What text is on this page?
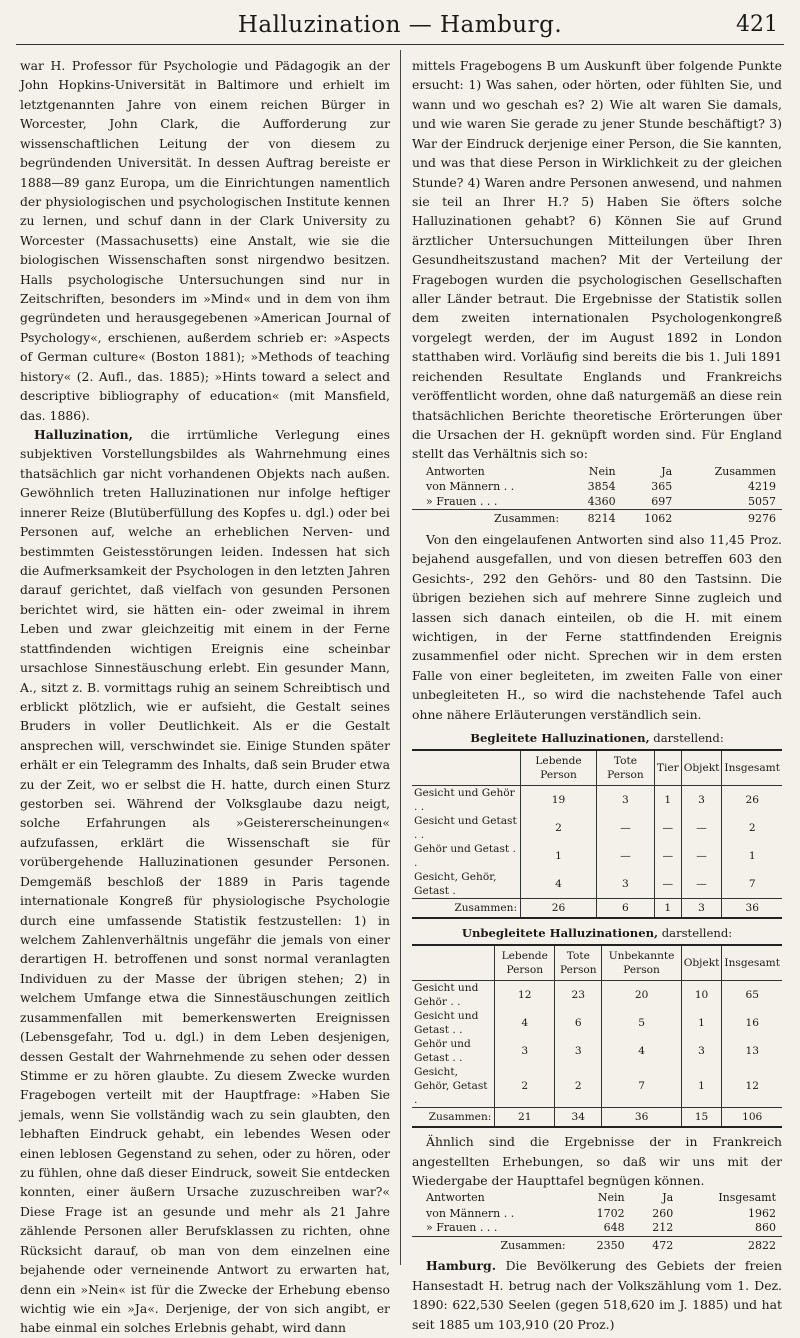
Halluzination — Hamburg.	421

war H. Professor für Psychologie und Pädagogik an der John Hopkins-Universität in Baltimore und erhielt im letztgenannten Jahre von einem reichen Bürger in Worcester, John Clark, die Aufforderung zur wissenschaftlichen Leitung der von diesem zu begründenden Universität. In dessen Auftrag bereiste er 1888—89 ganz Europa, um die Einrichtungen namentlich der physiologischen und psychologischen Institute kennen zu lernen, und schuf dann in der Clark University zu Worcester (Massachusetts) eine Anstalt, wie sie die biologischen Wissenschaften sonst nirgendwo besitzen. Halls psychologische Untersuchungen sind nur in Zeitschriften, besonders im »Mind« und in dem von ihm gegründeten und herausgegebenen »American Journal of Psychology«, erschienen, außerdem schrieb er: »Aspects of German culture« (Boston 1881); »Methods of teaching history« (2. Aufl., das. 1885); »Hints toward a select and descriptive bibliography of education« (mit Mansfield, das. 1886).

Halluzination, die irrtümliche Verlegung eines subjektiven Vorstellungsbildes als Wahrnehmung eines thatsächlich gar nicht vorhandenen Objekts nach außen. Gewöhnlich treten Halluzinationen nur infolge heftiger innerer Reize (Blutüberfüllung des Kopfes u. dgl.) oder bei Personen auf, welche an erheblichen Nerven- und bestimmten Geistesstörungen leiden. Indessen hat sich die Aufmerksamkeit der Psychologen in den letzten Jahren darauf gerichtet, daß vielfach von gesunden Personen berichtet wird, sie hätten ein- oder zweimal in ihrem Leben und zwar gleichzeitig mit einem in der Ferne stattfindenden wichtigen Ereignis eine scheinbar ursachlose Sinnestäuschung erlebt. Ein gesunder Mann, A., sitzt z. B. vormittags ruhig an seinem Schreibtisch und erblickt plötzlich, wie er aufsieht, die Gestalt seines Bruders in voller Deutlichkeit. Als er die Gestalt ansprechen will, verschwindet sie. Einige Stunden später erhält er ein Telegramm des Inhalts, daß sein Bruder etwa zu der Zeit, wo er selbst die H. hatte, durch einen Sturz gestorben sei. Während der Volksglaube dazu neigt, solche Erfahrungen als »Geistererscheinungen« aufzufassen, erklärt die Wissenschaft sie für vorübergehende Halluzinationen gesunder Personen. Demgemäß beschloß der 1889 in Paris tagende internationale Kongreß für physiologische Psychologie durch eine umfassende Statistik festzustellen: 1) in welchem Zahlenverhältnis ungefähr die jemals von einer derartigen H. betroffenen und sonst normal veranlagten Individuen zu der Masse der übrigen stehen; 2) in welchem Umfange etwa die Sinnestäuschungen zeitlich zusammenfallen mit bemerkenswerten Ereignissen (Lebensgefahr, Tod u. dgl.) in dem Leben desjenigen, dessen Gestalt der Wahrnehmende zu sehen oder dessen Stimme er zu hören glaubte. Zu diesem Zwecke wurden Fragebogen verteilt mit der Hauptfrage: »Haben Sie jemals, wenn Sie vollständig wach zu sein glaubten, den lebhaften Eindruck gehabt, ein lebendes Wesen oder einen leblosen Gegenstand zu sehen, oder zu hören, oder zu fühlen, ohne daß dieser Eindruck, soweit Sie entdecken konnten, einer äußern Ursache zuzuschreiben war?« Diese Frage ist an gesunde und mehr als 21 Jahre zählende Personen aller Berufsklassen zu richten, ohne Rücksicht darauf, ob man von dem einzelnen eine bejahende oder verneinende Antwort zu erwarten hat, denn ein »Nein« ist für die Zwecke der Erhebung ebenso wichtig wie ein »Ja«. Derjenige, der von sich angibt, er habe einmal ein solches Erlebnis gehabt, wird dann

mittels Fragebogens B um Auskunft über folgende Punkte ersucht: 1) Was sahen, oder hörten, oder fühlten Sie, und wann und wo geschah es? 2) Wie alt waren Sie damals, und wie waren Sie gerade zu jener Stunde beschäftigt? 3) War der Eindruck derjenige einer Person, die Sie kannten, und was that diese Person in Wirklichkeit zu der gleichen Stunde? 4) Waren andre Personen anwesend, und nahmen sie teil an Ihrer H.? 5) Haben Sie öfters solche Halluzinationen gehabt? 6) Können Sie auf Grund ärztlicher Untersuchungen Mitteilungen über Ihren Gesundheitszustand machen? Mit der Verteilung der Fragebogen wurden die psychologischen Gesellschaften aller Länder betraut. Die Ergebnisse der Statistik sollen dem zweiten internationalen Psychologenkongreß vorgelegt werden, der im August 1892 in London statthaben wird. Vorläufig sind bereits die bis 1. Juli 1891 reichenden Resultate Englands und Frankreichs veröffentlicht worden, ohne daß naturgemäß an diese rein thatsächlichen Berichte theoretische Erörterungen über die Ursachen der H. geknüpft worden sind. Für England stellt das Verhältnis sich so:

Antworten	Nein	Ja	Zusammen
von Männern . .	3854	365	4219
» Frauen . . .	4360	697	5057
Zusammen:	8214	1062	9276

Von den eingelaufenen Antworten sind also 11,45 Proz. bejahend ausgefallen, und von diesen betreffen 603 den Gesichts-, 292 den Gehörs- und 80 den Tastsinn. Die übrigen beziehen sich auf mehrere Sinne zugleich und lassen sich danach einteilen, ob die H. mit einem wichtigen, in der Ferne stattfindenden Ereignis zusammenfiel oder nicht. Sprechen wir in dem ersten Falle von einer begleiteten, im zweiten Falle von einer unbegleiteten H., so wird die nachstehende Tafel auch ohne nähere Erläuterungen verständlich sein.

Begleitete Halluzinationen, darstellend:
	Lebende Person	Tote Person	Tier	Objekt	Insgesamt
Gesicht und Gehör . .	19	3	1	3	26
Gesicht und Getast . .	2	—	—	—	2
Gehör und Getast . .	1	—	—	—	1
Gesicht, Gehör, Getast .	4	3	—	—	7
Zusammen:	26	6	1	3	36
Unbegleitete Halluzinationen, darstellend:
	Lebende Person	Tote Person	Unbekannte Person	Objekt	Insgesamt
Gesicht und Gehör . .	12	23	20	10	65
Gesicht und Getast . .	4	6	5	1	16
Gehör und Getast . .	3	3	4	3	13
Gesicht, Gehör, Getast .	2	2	7	1	12
Zusammen:	21	34	36	15	106

Ähnlich sind die Ergebnisse der in Frankreich angestellten Erhebungen, so daß wir uns mit der Wiedergabe der Haupttafel begnügen können.

Antworten	Nein	Ja	Insgesamt
von Männern . .	1702	260	1962
» Frauen . . .	648	212	860
Zusammen:	2350	472	2822

Hamburg. Die Bevölkerung des Gebiets der freien Hansestadt H. betrug nach der Volkszählung vom 1. Dez. 1890: 622,530 Seelen (gegen 518,620 im J. 1885) und hat seit 1885 um 103,910 (20 Proz.)
